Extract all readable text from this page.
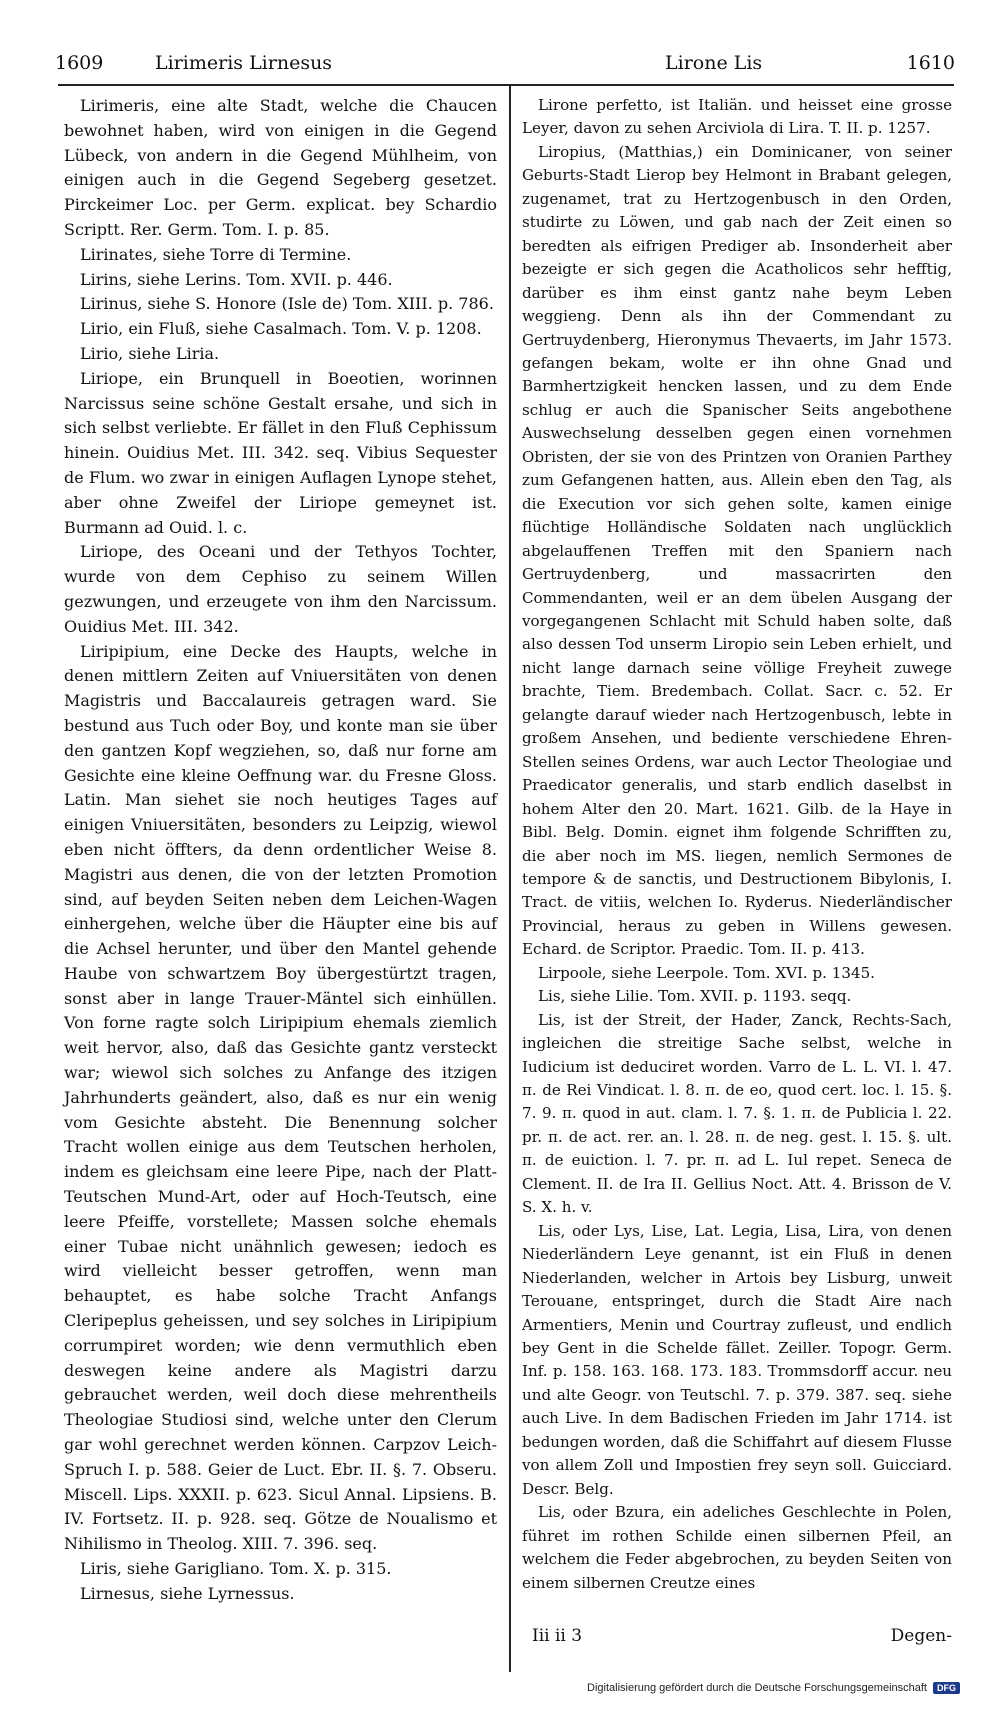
1609	Lirimeris Lirnesus	Lirone Lis	1610

Lirimeris, eine alte Stadt, welche die Chaucen bewohnet haben, wird von einigen in die Gegend Lübeck, von andern in die Gegend Mühlheim, von einigen auch in die Gegend Segeberg gesetzet. Pirckeimer Loc. per Germ. explicat. bey Schardio Scriptt. Rer. Germ. Tom. I. p. 85.

Lirinates, siehe Torre di Termine.

Lirins, siehe Lerins. Tom. XVII. p. 446.

Lirinus, siehe S. Honore (Isle de) Tom. XIII. p. 786.

Lirio, ein Fluß, siehe Casalmach. Tom. V. p. 1208.

Lirio, siehe Liria.

Liriope, ein Brunquell in Boeotien, worinnen Narcissus seine schöne Gestalt ersahe, und sich in sich selbst verliebte. Er fället in den Fluß Cephissum hinein. Ouidius Met. III. 342. seq. Vibius Sequester de Flum. wo zwar in einigen Auflagen Lynope stehet, aber ohne Zweifel der Liriope gemeynet ist. Burmann ad Ouid. l. c.

Liriope, des Oceani und der Tethyos Tochter, wurde von dem Cephiso zu seinem Willen gezwungen, und erzeugete von ihm den Narcissum. Ouidius Met. III. 342.

Liripipium, eine Decke des Haupts, welche in denen mittlern Zeiten auf Vniuersitäten von denen Magistris und Baccalaureis getragen ward. Sie bestund aus Tuch oder Boy, und konte man sie über den gantzen Kopf wegziehen, so, daß nur forne am Gesichte eine kleine Oeffnung war. du Fresne Gloss. Latin. Man siehet sie noch heutiges Tages auf einigen Vniuersitäten, besonders zu Leipzig, wiewol eben nicht öffters, da denn ordentlicher Weise 8. Magistri aus denen, die von der letzten Promotion sind, auf beyden Seiten neben dem Leichen-Wagen einhergehen, welche über die Häupter eine bis auf die Achsel herunter, und über den Mantel gehende Haube von schwartzem Boy übergestürtzt tragen, sonst aber in lange Trauer-Mäntel sich einhüllen. Von forne ragte solch Liripipium ehemals ziemlich weit hervor, also, daß das Gesichte gantz versteckt war; wiewol sich solches zu Anfange des itzigen Jahrhunderts geändert, also, daß es nur ein wenig vom Gesichte absteht. Die Benennung solcher Tracht wollen einige aus dem Teutschen herholen, indem es gleichsam eine leere Pipe, nach der Platt-Teutschen Mund-Art, oder auf Hoch-Teutsch, eine leere Pfeiffe, vorstellete; Massen solche ehemals einer Tubae nicht unähnlich gewesen; iedoch es wird vielleicht besser getroffen, wenn man behauptet, es habe solche Tracht Anfangs Cleripeplus geheissen, und sey solches in Liripipium corrumpiret worden; wie denn vermuthlich eben deswegen keine andere als Magistri darzu gebrauchet werden, weil doch diese mehrentheils Theologiae Studiosi sind, welche unter den Clerum gar wohl gerechnet werden können. Carpzov Leich-Spruch I. p. 588. Geier de Luct. Ebr. II. §. 7. Obseru. Miscell. Lips. XXXII. p. 623. Sicul Annal. Lipsiens. B. IV. Fortsetz. II. p. 928. seq. Götze de Noualismo et Nihilismo in Theolog. XIII. 7. 396. seq.

Liris, siehe Garigliano. Tom. X. p. 315.

Lirnesus, siehe Lyrnessus.

Lirone perfetto, ist Italiän. und heisset eine grosse Leyer, davon zu sehen Arciviola di Lira. T. II. p. 1257.

Liropius, (Matthias,) ein Dominicaner, von seiner Geburts-Stadt Lierop bey Helmont in Brabant gelegen, zugenamet, trat zu Hertzogenbusch in den Orden, studirte zu Löwen, und gab nach der Zeit einen so beredten als eifrigen Prediger ab. Insonderheit aber bezeigte er sich gegen die Acatholicos sehr hefftig, darüber es ihm einst gantz nahe beym Leben weggieng. Denn als ihn der Commendant zu Gertruydenberg, Hieronymus Thevaerts, im Jahr 1573. gefangen bekam, wolte er ihn ohne Gnad und Barmhertzigkeit hencken lassen, und zu dem Ende schlug er auch die Spanischer Seits angebothene Auswechselung desselben gegen einen vornehmen Obristen, der sie von des Printzen von Oranien Parthey zum Gefangenen hatten, aus. Allein eben den Tag, als die Execution vor sich gehen solte, kamen einige flüchtige Holländische Soldaten nach unglücklich abgelauffenen Treffen mit den Spaniern nach Gertruydenberg, und massacrirten den Commendanten, weil er an dem übelen Ausgang der vorgegangenen Schlacht mit Schuld haben solte, daß also dessen Tod unserm Liropio sein Leben erhielt, und nicht lange darnach seine völlige Freyheit zuwege brachte, Tiem. Bredembach. Collat. Sacr. c. 52. Er gelangte darauf wieder nach Hertzogenbusch, lebte in großem Ansehen, und bediente verschiedene Ehren-Stellen seines Ordens, war auch Lector Theologiae und Praedicator generalis, und starb endlich daselbst in hohem Alter den 20. Mart. 1621. Gilb. de la Haye in Bibl. Belg. Domin. eignet ihm folgende Schrifften zu, die aber noch im MS. liegen, nemlich Sermones de tempore & de sanctis, und Destructionem Bibylonis, I. Tract. de vitiis, welchen Io. Ryderus. Niederländischer Provincial, heraus zu geben in Willens gewesen. Echard. de Scriptor. Praedic. Tom. II. p. 413.

Lirpoole, siehe Leerpole. Tom. XVI. p. 1345.

Lis, siehe Lilie. Tom. XVII. p. 1193. seqq.

Lis, ist der Streit, der Hader, Zanck, Rechts-Sach, ingleichen die streitige Sache selbst, welche in Iudicium ist deduciret worden. Varro de L. L. VI. l. 47. π. de Rei Vindicat. l. 8. π. de eo, quod cert. loc. l. 15. §. 7. 9. π. quod in aut. clam. l. 7. §. 1. π. de Publicia l. 22. pr. π. de act. rer. an. l. 28. π. de neg. gest. l. 15. §. ult. π. de euiction. l. 7. pr. π. ad L. Iul repet. Seneca de Clement. II. de Ira II. Gellius Noct. Att. 4. Brisson de V. S. X. h. v.

Lis, oder Lys, Lise, Lat. Legia, Lisa, Lira, von denen Niederländern Leye genannt, ist ein Fluß in denen Niederlanden, welcher in Artois bey Lisburg, unweit Terouane, entspringet, durch die Stadt Aire nach Armentiers, Menin und Courtray zufleust, und endlich bey Gent in die Schelde fället. Zeiller. Topogr. Germ. Inf. p. 158. 163. 168. 173. 183. Trommsdorff accur. neu und alte Geogr. von Teutschl. 7. p. 379. 387. seq. siehe auch Live. In dem Badischen Frieden im Jahr 1714. ist bedungen worden, daß die Schiffahrt auf diesem Flusse von allem Zoll und Impostien frey seyn soll. Guicciard. Descr. Belg.

Lis, oder Bzura, ein adeliches Geschlechte in Polen, führet im rothen Schilde einen silbernen Pfeil, an welchem die Feder abgebrochen, zu beyden Seiten von einem silbernen Creutze eines

Iii ii 3	Degen-
Digitalisierung gefördert durch die Deutsche Forschungsgemeinschaft	DFG
